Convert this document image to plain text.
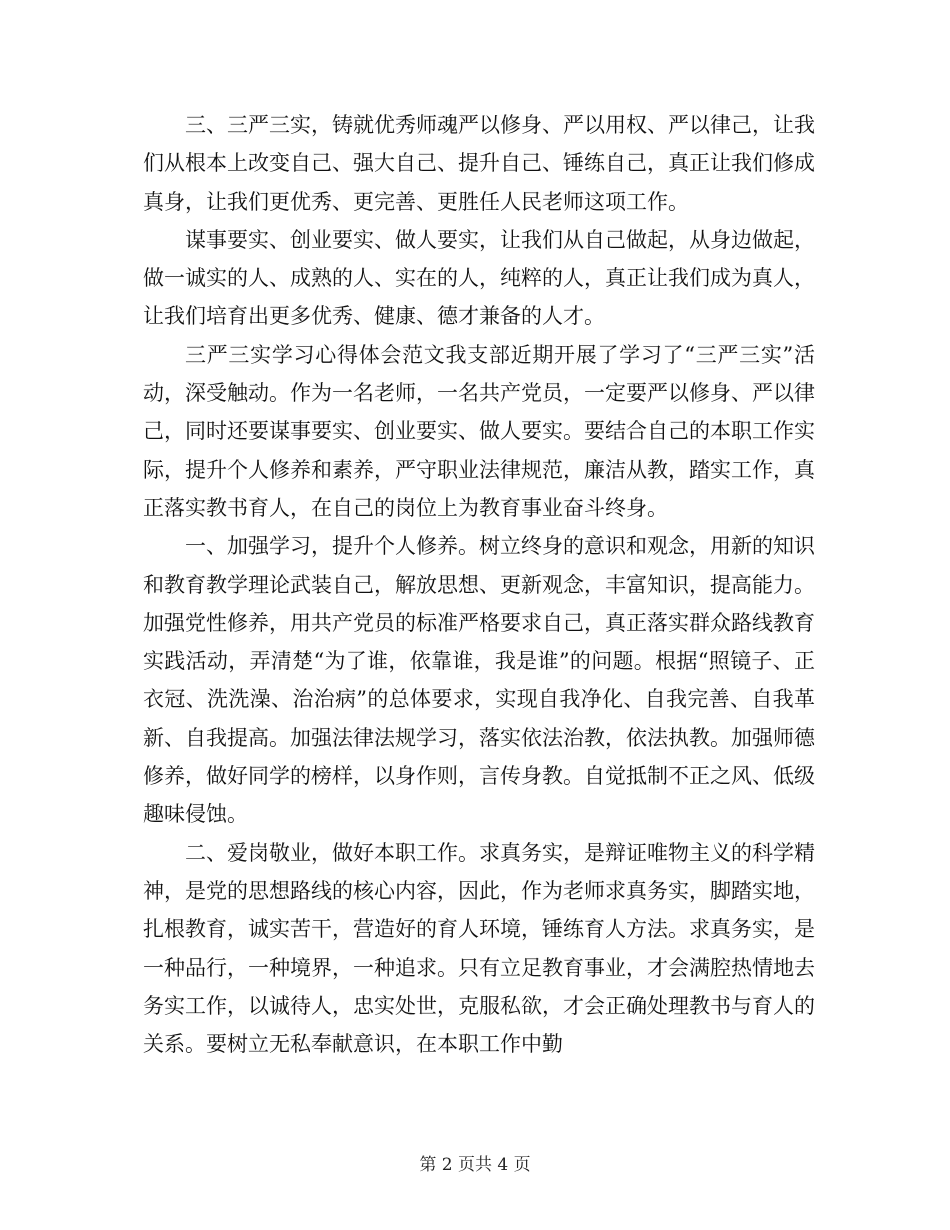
三、三严三实，铸就优秀师魂严以修身、严以用权、严以律己，让我们从根本上改变自己、强大自己、提升自己、锤练自己，真正让我们修成真身，让我们更优秀、更完善、更胜任人民老师这项工作。

谋事要实、创业要实、做人要实，让我们从自己做起，从身边做起，做一诚实的人、成熟的人、实在的人，纯粹的人，真正让我们成为真人，让我们培育出更多优秀、健康、德才兼备的人才。

三严三实学习心得体会范文我支部近期开展了学习了“三严三实”活动，深受触动。作为一名老师，一名共产党员，一定要严以修身、严以律己，同时还要谋事要实、创业要实、做人要实。要结合自己的本职工作实际，提升个人修养和素养，严守职业法律规范，廉洁从教，踏实工作，真正落实教书育人，在自己的岗位上为教育事业奋斗终身。

一、加强学习，提升个人修养。树立终身的意识和观念，用新的知识和教育教学理论武装自己，解放思想、更新观念，丰富知识，提高能力。加强党性修养，用共产党员的标准严格要求自己，真正落实群众路线教育实践活动，弄清楚“为了谁，依靠谁，我是谁”的问题。根据“照镜子、正衣冠、洗洗澡、治治病”的总体要求，实现自我净化、自我完善、自我革新、自我提高。加强法律法规学习，落实依法治教，依法执教。加强师德修养，做好同学的榜样，以身作则，言传身教。自觉抵制不正之风、低级趣味侵蚀。

二、爱岗敬业，做好本职工作。求真务实，是辩证唯物主义的科学精神，是党的思想路线的核心内容，因此，作为老师求真务实，脚踏实地，扎根教育，诚实苦干，营造好的育人环境，锤练育人方法。求真务实，是一种品行，一种境界，一种追求。只有立足教育事业，才会满腔热情地去务实工作，以诚待人，忠实处世，克服私欲，才会正确处理教书与育人的关系。要树立无私奉献意识，在本职工作中勤

第 2 页共 4 页
